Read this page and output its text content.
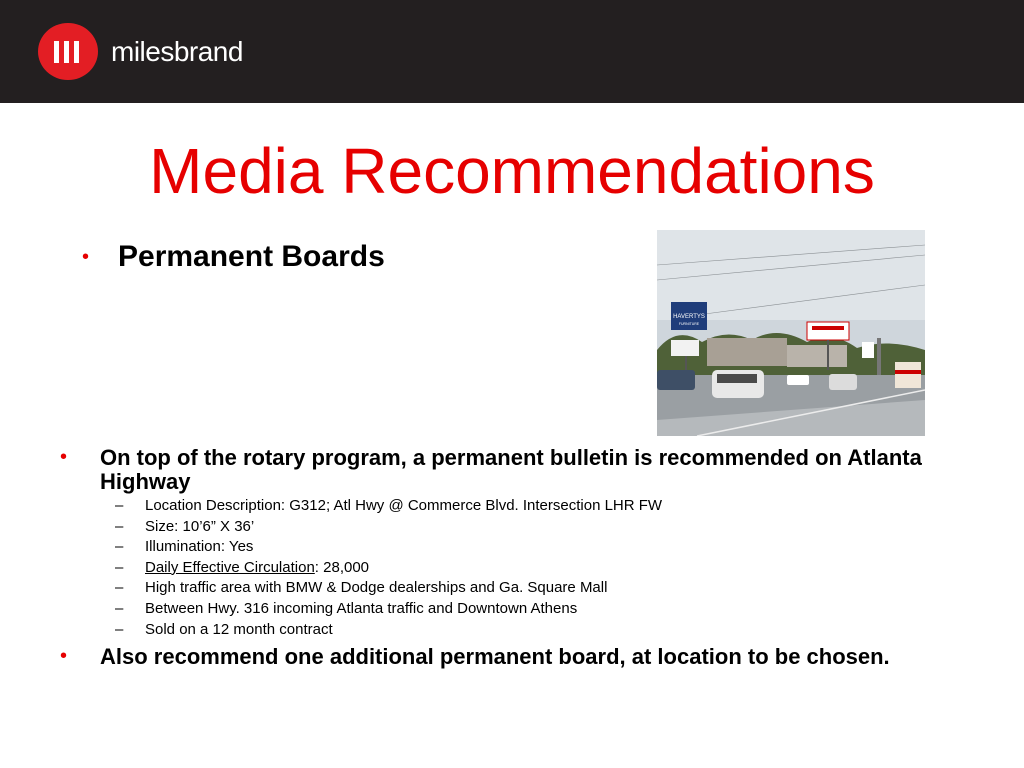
milesbrand
Media Recommendations
• Permanent Boards
HAVERTYS
FURNITURE
• On top of the rotary program, a permanent bulletin is recommended on Atlanta Highway
– Location Description: G312; Atl Hwy @ Commerce Blvd. Intersection LHR FW
– Size: 10’6” X 36’
– Illumination: Yes
– Daily Effective Circulation: 28,000
– High traffic area with BMW & Dodge dealerships and Ga. Square Mall
– Between Hwy. 316 incoming Atlanta traffic and Downtown Athens
– Sold on a 12 month contract
• Also recommend one additional permanent board, at location to be chosen.
